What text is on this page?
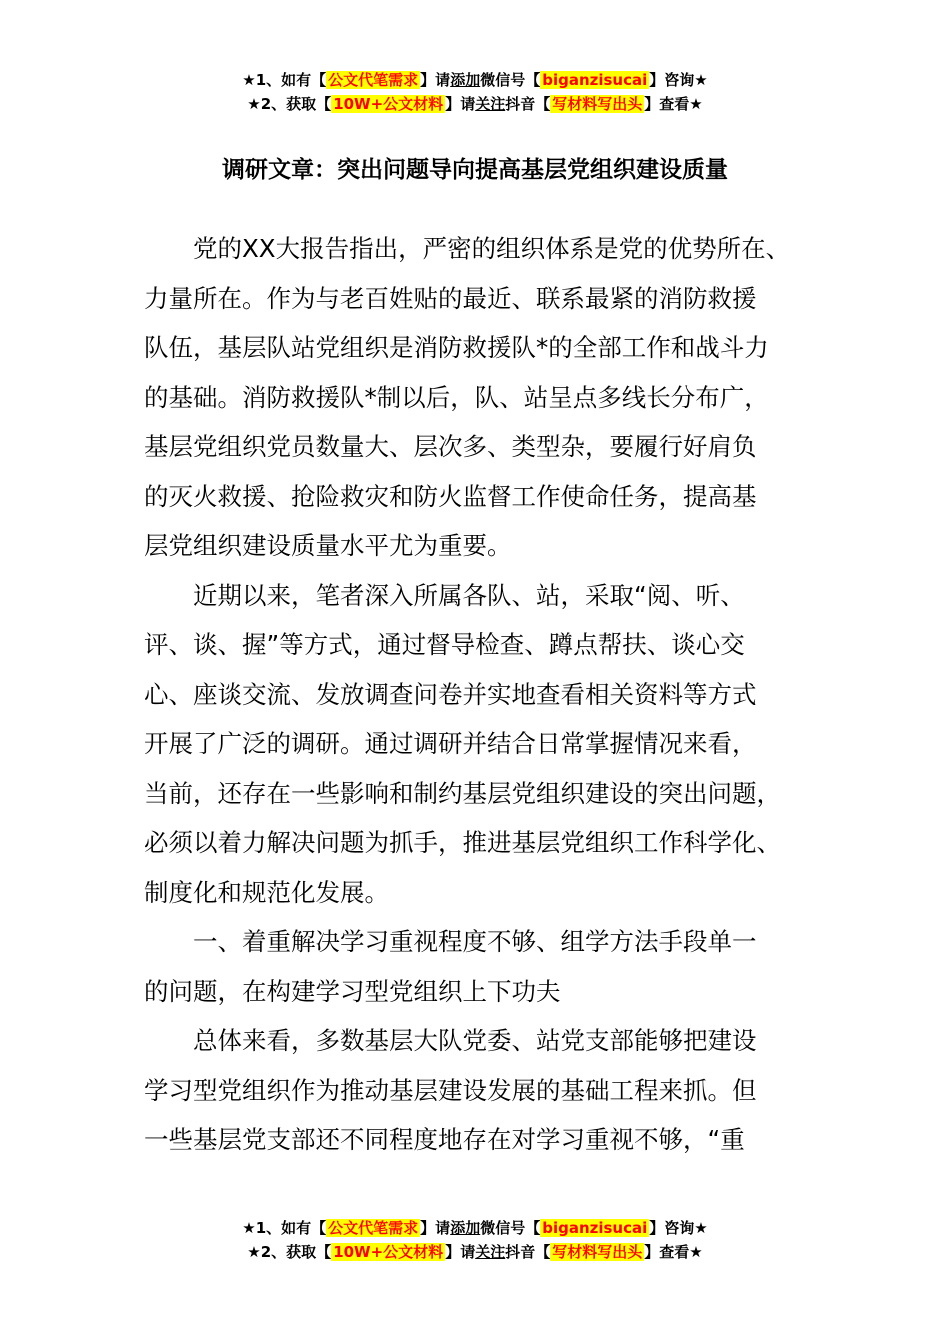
★1、如有【 公文代笔需求 】请添加微信号【 biganzisucai 】咨询★
★2、获取【 10W+公文材料 】请关注抖音【 写材料写出头 】查看★
调研文章：突出问题导向提高基层党组织建设质量
党的XX大报告指出，严密的组织体系是党的优势所在、
力量所在。作为与老百姓贴的最近、联系最紧的消防救援
队伍，基层队站党组织是消防救援队*的全部工作和战斗力
的基础。消防救援队*制以后，队、站呈点多线长分布广，
基层党组织党员数量大、层次多、类型杂，要履行好肩负
的灭火救援、抢险救灾和防火监督工作使命任务，提高基
层党组织建设质量水平尤为重要。
近期以来，笔者深入所属各队、站，采取“阅、听、
评、谈、握”等方式，通过督导检查、蹲点帮扶、谈心交
心、座谈交流、发放调查问卷并实地查看相关资料等方式
开展了广泛的调研。通过调研并结合日常掌握情况来看，
当前，还存在一些影响和制约基层党组织建设的突出问题，
必须以着力解决问题为抓手，推进基层党组织工作科学化、
制度化和规范化发展。
一、着重解决学习重视程度不够、组学方法手段单一
的问题，在构建学习型党组织上下功夫
总体来看，多数基层大队党委、站党支部能够把建设
学习型党组织作为推动基层建设发展的基础工程来抓。但
一些基层党支部还不同程度地存在对学习重视不够，“重
★1、如有【 公文代笔需求 】请添加微信号【 biganzisucai 】咨询★
★2、获取【 10W+公文材料 】请关注抖音【 写材料写出头 】查看★
